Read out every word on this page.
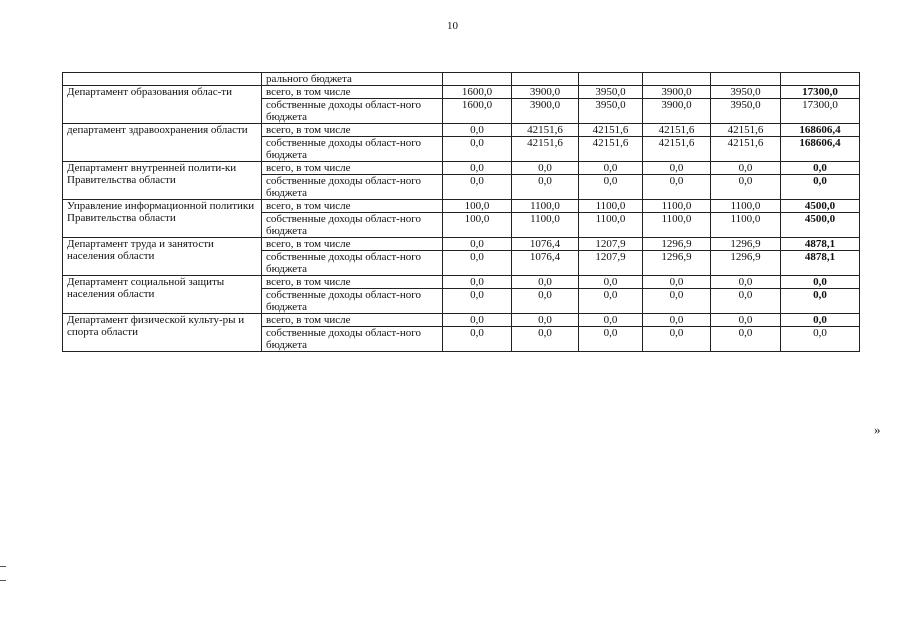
10
	рального бюджета						
Департамент образования облас-ти	всего, в том числе	1600,0	3900,0	3950,0	3900,0	3950,0	17300,0
	собственные доходы област-ного бюджета	1600,0	3900,0	3950,0	3900,0	3950,0	17300,0
департамент здравоохранения области	всего, в том числе	0,0	42151,6	42151,6	42151,6	42151,6	168606,4
	собственные доходы област-ного бюджета	0,0	42151,6	42151,6	42151,6	42151,6	168606,4
Департамент внутренней полити-ки Правительства области	всего, в том числе	0,0	0,0	0,0	0,0	0,0	0,0
	собственные доходы област-ного бюджета	0,0	0,0	0,0	0,0	0,0	0,0
Управление информационной политики Правительства области	всего, в том числе	100,0	1100,0	1100,0	1100,0	1100,0	4500,0
	собственные доходы област-ного бюджета	100,0	1100,0	1100,0	1100,0	1100,0	4500,0
Департамент труда и занятости населения области	всего, в том числе	0,0	1076,4	1207,9	1296,9	1296,9	4878,1
	собственные доходы област-ного бюджета	0,0	1076,4	1207,9	1296,9	1296,9	4878,1
Департамент социальной защиты населения области	всего, в том числе	0,0	0,0	0,0	0,0	0,0	0,0
	собственные доходы област-ного бюджета	0,0	0,0	0,0	0,0	0,0	0,0
Департамент физической культу-ры и спорта области	всего, в том числе	0,0	0,0	0,0	0,0	0,0	0,0
	собственные доходы област-ного бюджета	0,0	0,0	0,0	0,0	0,0	0,0
»
